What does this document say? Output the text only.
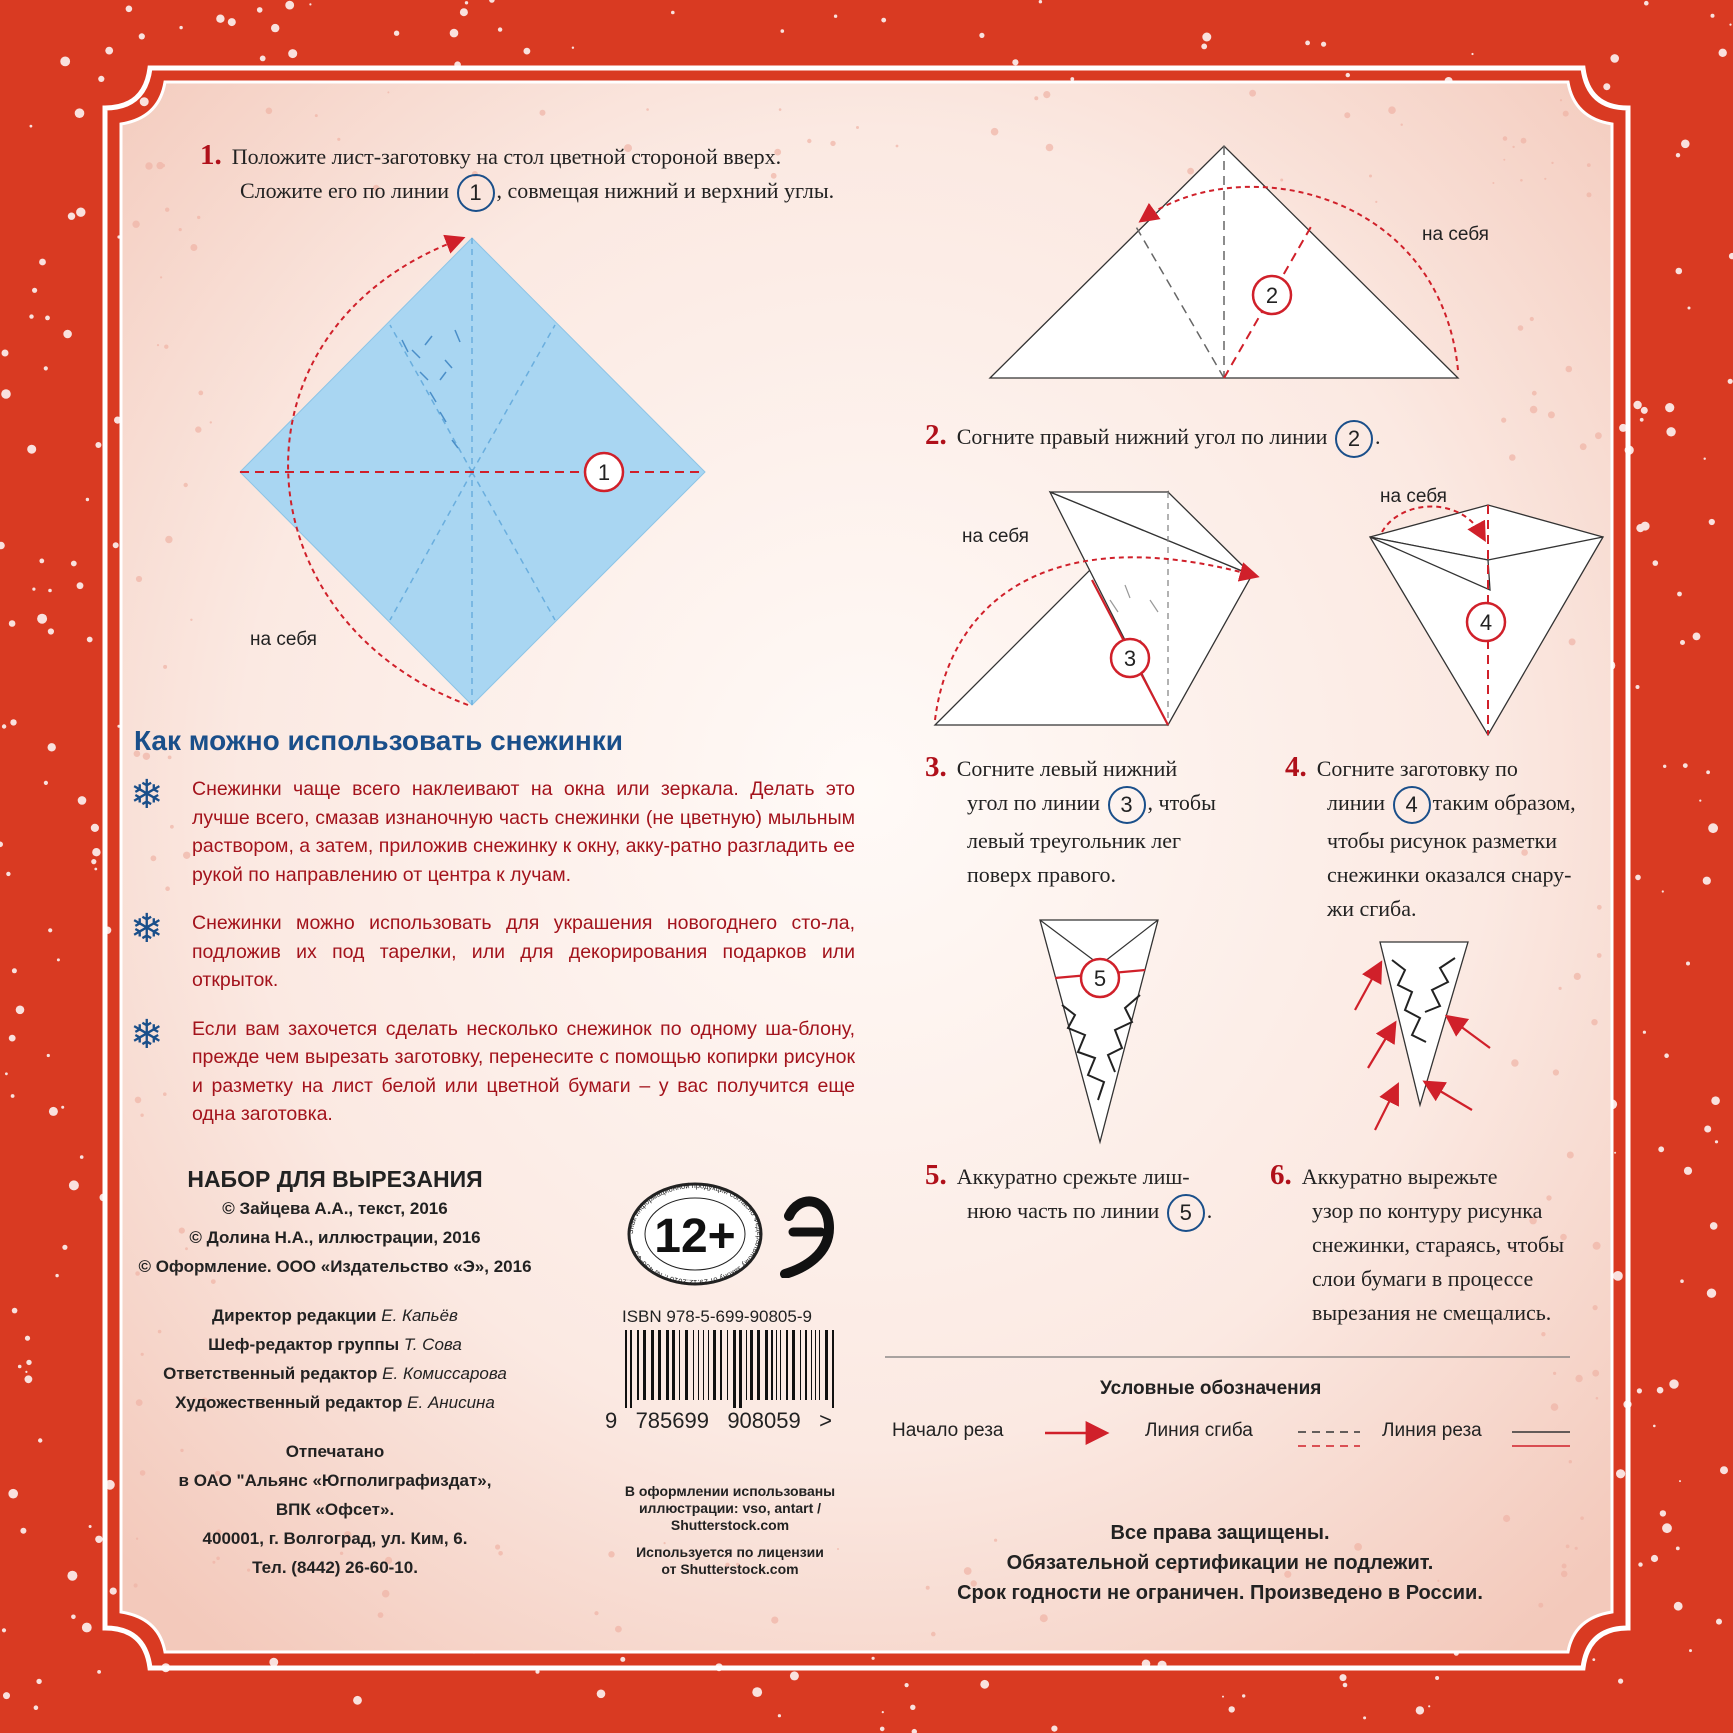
1. Положите лист-заготовку на стол цветной стороной вверх.
Сложите его по линии 1 , совмещая нижний и верхний углы.
1
на себя
2
на себя
3
на себя
4
на себя
5
2. Согните правый нижний угол по линии 2 .
3. Согните левый нижний
угол по линии 3 , чтобы
левый треугольник лег
поверх правого.
4. Согните заготовку по
линии 4 таким образом,
чтобы рисунок разметки
снежинки оказался снару-
жи сгиба.
5. Аккуратно срежьте лиш-
нюю часть по линии 5 .
6. Аккуратно вырежьте
узор по контуру рисунка
снежинки, стараясь, чтобы
слои бумаги в процессе
вырезания не смещались.
Как можно использовать снежинки
❄	Снежинки чаще всего наклеивают на окна или зеркала. Делать это лучше всего, смазав изнаночную часть снежинки (не цветную) мыльным раствором, а затем, приложив снежинку к окну, акку-ратно разгладить ее рукой по направлению от центра к лучам.
❄	Снежинки можно использовать для украшения новогоднего сто-ла, подложив их под тарелки, или для декорирования подарков или открыток.
❄	Если вам захочется сделать несколько снежинок по одному ша-блону, прежде чем вырезать заготовку, перенесите с помощью копирки рисунок и разметку на лист белой или цветной бумаги – у вас получится еще одна заготовка.
НАБОР ДЛЯ ВЫРЕЗАНИЯ
© Зайцева А.А., текст, 2016
© Долина Н.А., иллюстрации, 2016
© Оформление. ООО «Издательство «Э», 2016
Директор редакции Е. Капьёв
Шеф-редактор группы Т. Сова
Ответственный редактор Е. Комиссарова
Художественный редактор Е. Анисина
Отпечатано
в ОАО "Альянс «Югполиграфиздат»,
ВПК «Офсет».
400001, г. Волгоград, ул. Ким, 6.
Тел. (8442) 26-60-10.
Знак информационной продукции согласно Федеральному закону от 29.12.2010 г. № 436-ФЗ 12+
ISBN 978-5-699-90805-9
9   785699   908059   >
В оформлении использованы
иллюстрации: vso, antart /
Shutterstock.com
Используется по лицензии
от Shutterstock.com
Условные обозначения
Начало реза	Линия сгиба	Линия реза
Все права защищены.
Обязательной сертификации не подлежит.
Срок годности не ограничен. Произведено в России.
